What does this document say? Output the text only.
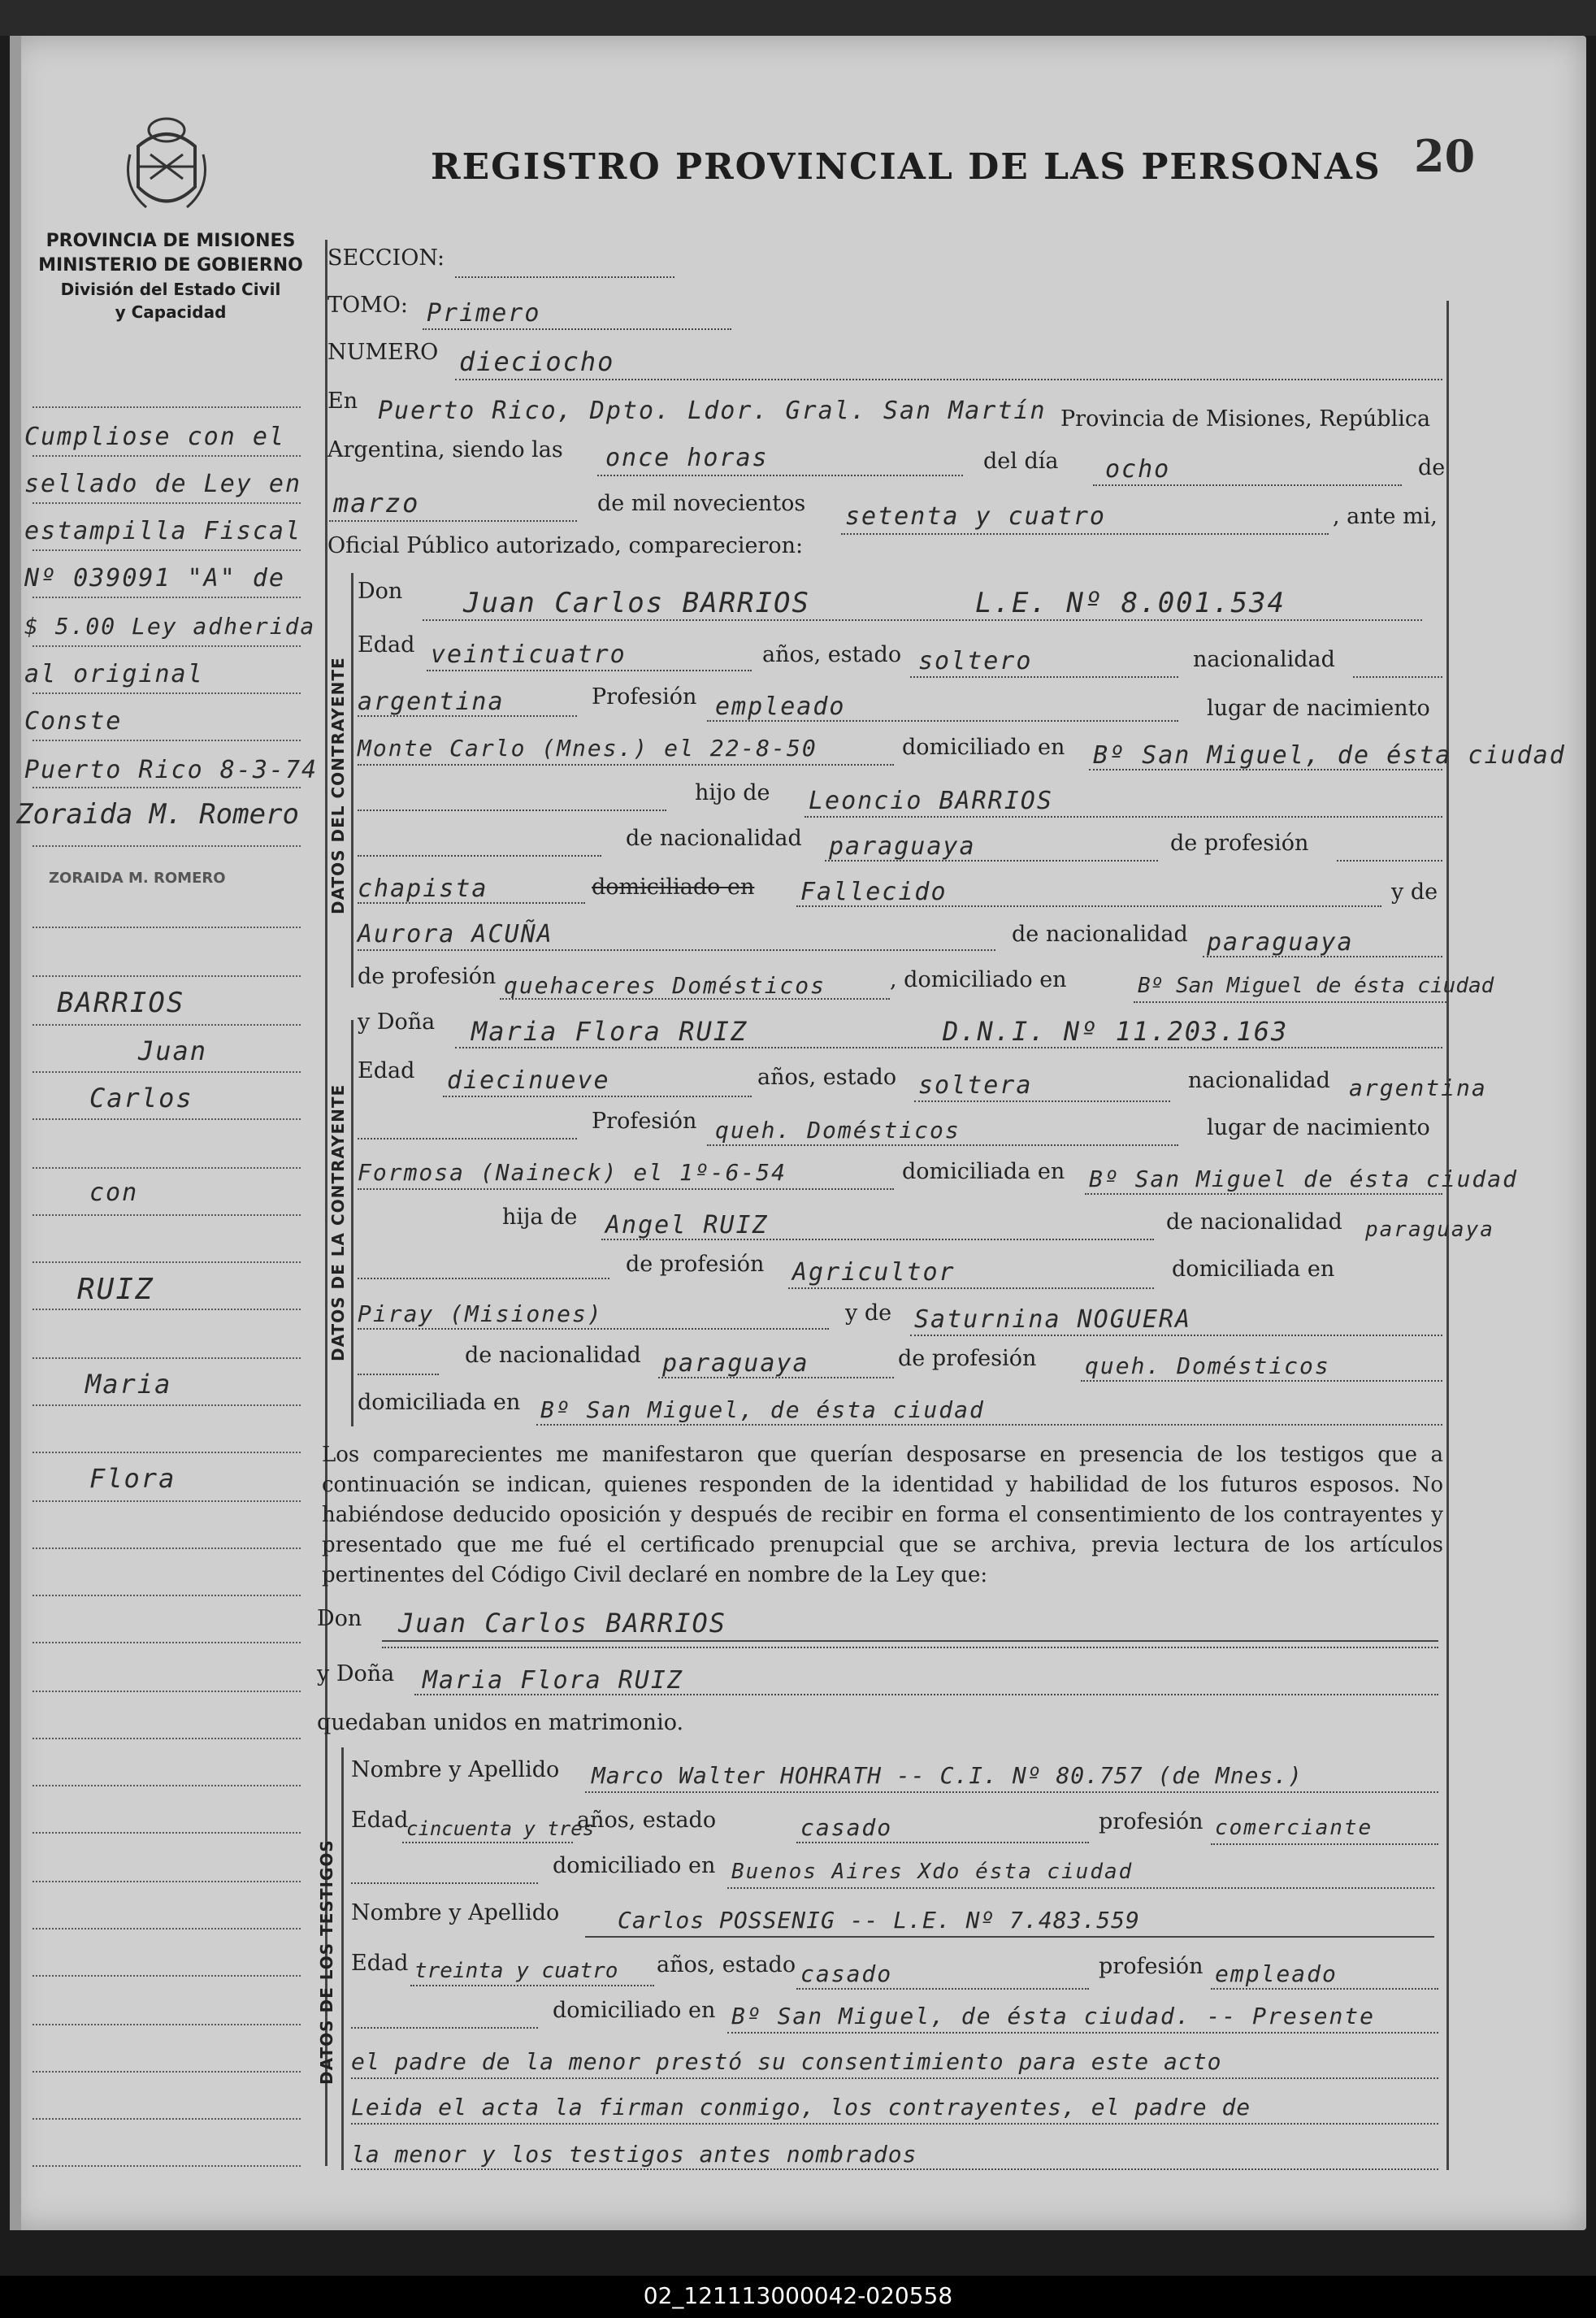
REGISTRO PROVINCIAL DE LAS PERSONAS 20
PROVINCIA DE MISIONES
MINISTERIO DE GOBIERNO
División del Estado Civil
y Capacidad
SECCION:
TOMO: Primero
NUMERO dieciocho
En Puerto Rico, Dpto. Ldor. Gral. San Martín Provincia de Misiones, República
Argentina, siendo las once horas	del día ocho	de
marzo	de mil novecientos setenta y cuatro	, ante mi,
Oficial Público autorizado, comparecieron:
DATOS DEL CONTRAYENTE
Don Juan Carlos BARRIOS	L.E. Nº 8.001.534
Edad veinticuatro	años, estado soltero	nacionalidad
argentina	Profesión empleado	lugar de nacimiento
Monte Carlo (Mnes.) el 22-8-50	domiciliado en Bº San Miguel, de ésta ciudad
hijo de Leoncio BARRIOS
de nacionalidad paraguaya	de profesión
chapista	domiciliado en Fallecido	y de
Aurora ACUÑA	de nacionalidad paraguaya
de profesión quehaceres Domésticos	, domiciliado en	Bº San Miguel de ésta ciudad
DATOS DE LA CONTRAYENTE
y Doña Maria Flora RUIZ	D.N.I. Nº 11.203.163
Edad diecinueve	años, estado soltera	nacionalidad argentina
Profesión queh. Domésticos	lugar de nacimiento
Formosa (Naineck) el 1º-6-54	domiciliada en Bº San Miguel de ésta ciudad
hija de Angel RUIZ	de nacionalidad paraguaya
de profesión Agricultor	domiciliada en
Piray (Misiones)	y de Saturnina NOGUERA
de nacionalidad paraguaya	de profesión queh. Domésticos
domiciliada en Bº San Miguel, de ésta ciudad
Los comparecientes me manifestaron que querían desposarse en presencia de los testigos que a continuación se indican, quienes responden de la identidad y habilidad de los futuros esposos. No habiéndose deducido oposición y después de recibir en forma el consentimiento de los contrayentes y presentado que me fué el certificado prenupcial que se archiva, previa lectura de los artículos pertinentes del Código Civil declaré en nombre de la Ley que:
Don Juan Carlos BARRIOS
y Doña Maria Flora RUIZ
quedaban unidos en matrimonio.
DATOS DE LOS TESTIGOS
Nombre y Apellido Marco Walter HOHRATH -- C.I. Nº 80.757 (de Mnes.)
Edad
cincuenta y tres
años, estado	casado	profesión comerciante
domiciliado en Buenos Aires Xdo ésta ciudad
Nombre y Apellido	Carlos POSSENIG -- L.E. Nº 7.483.559
Edad treinta y cuatro años, estado casado	profesión empleado
domiciliado en Bº San Miguel, de ésta ciudad. -- Presente
el padre de la menor prestó su consentimiento para este acto
Leida el acta la firman conmigo, los contrayentes, el padre de
la menor y los testigos antes nombrados
Cumpliose con el
sellado de Ley en
estampilla Fiscal
Nº 039091 "A" de
$ 5.00 Ley adherida
al original
Conste
Puerto Rico 8-3-74
Zoraida M. Romero
ZORAIDA M. ROMERO
BARRIOS
Juan
Carlos
con
RUIZ
Maria
Flora
02_121113000042-020558
